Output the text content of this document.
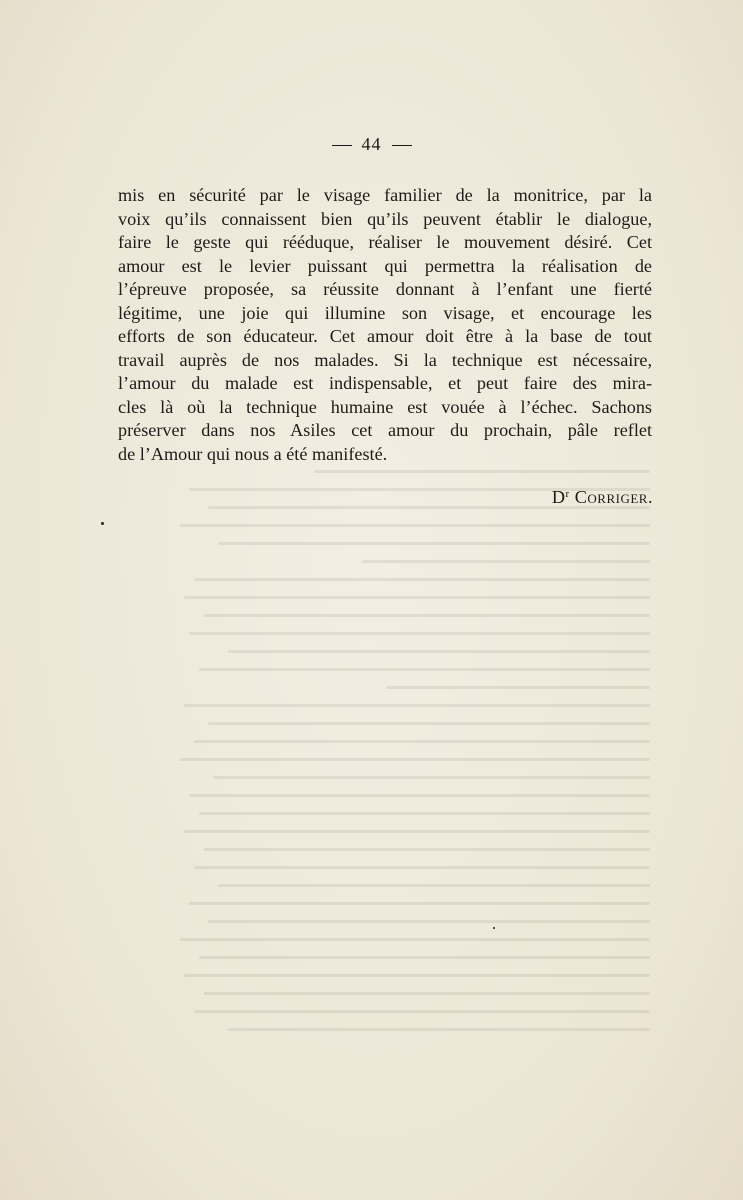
44
mis en sécurité par le visage familier de la monitrice, par la
voix qu’ils connaissent bien qu’ils peuvent établir le dialogue,
faire le geste qui rééduque, réaliser le mouvement désiré. Cet
amour est le levier puissant qui permettra la réalisation de
l’épreuve proposée, sa réussite donnant à l’enfant une fierté
légitime, une joie qui illumine son visage, et encourage les
efforts de son éducateur. Cet amour doit être à la base de tout
travail auprès de nos malades. Si la technique est nécessaire,
l’amour du malade est indispensable, et peut faire des mira-
cles là où la technique humaine est vouée à l’échec. Sachons
préserver dans nos Asiles cet amour du prochain, pâle reflet
de l’Amour qui nous a été manifesté.
$D^r$ Corriger.
